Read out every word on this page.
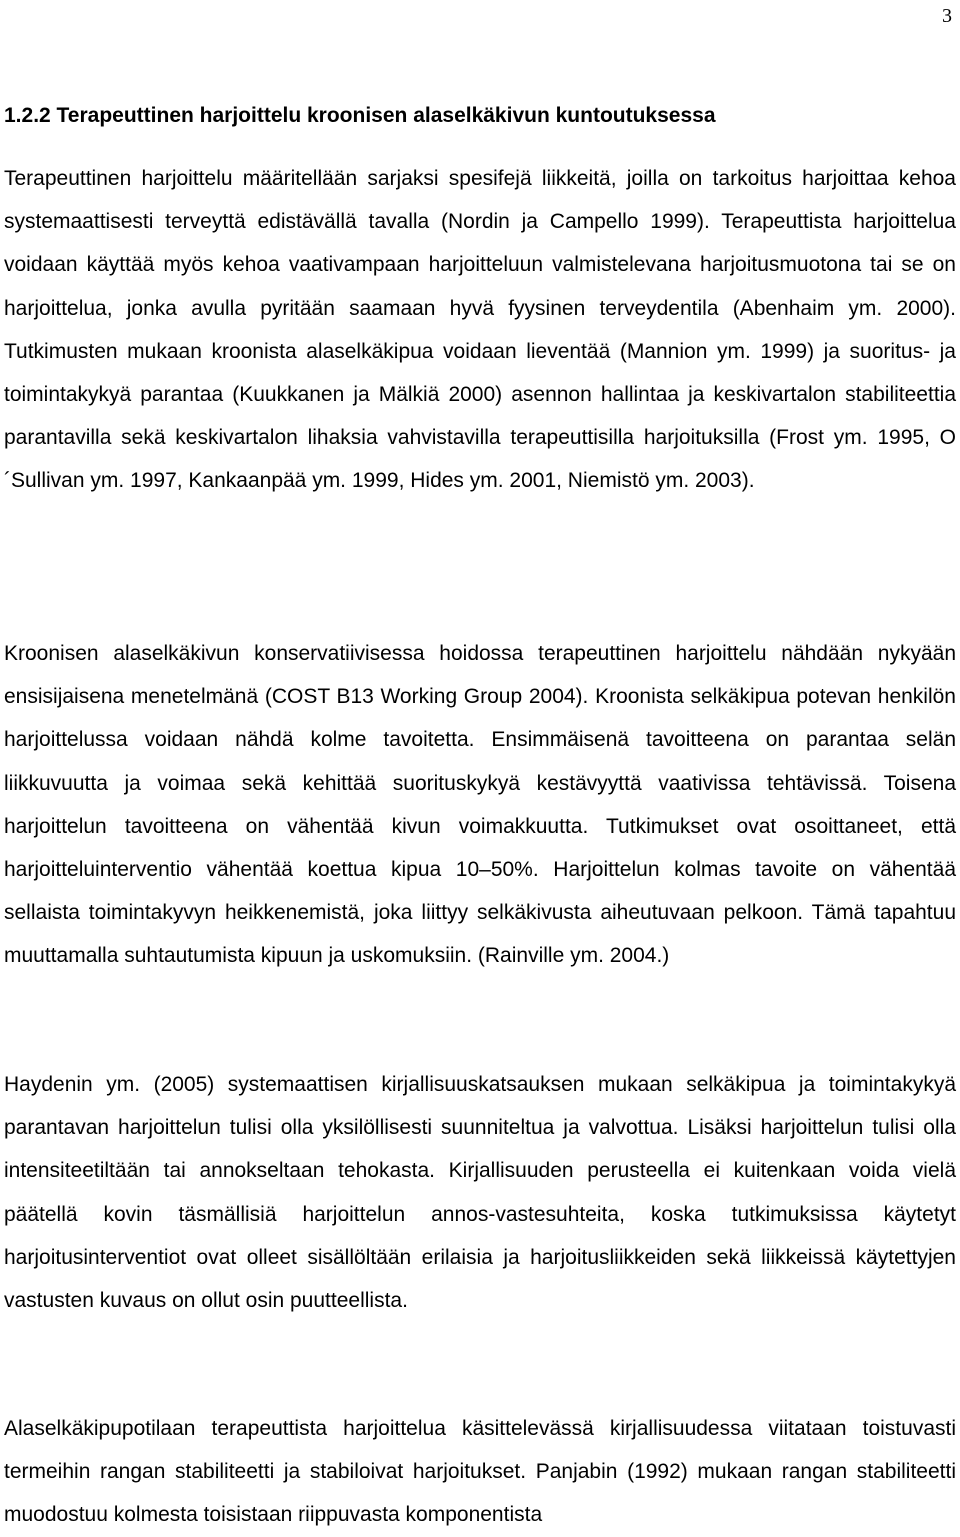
3
1.2.2 Terapeuttinen harjoittelu kroonisen alaselkäkivun kuntoutuksessa
Terapeuttinen harjoittelu määritellään sarjaksi spesifejä liikkeitä, joilla on tarkoitus harjoittaa kehoa systemaattisesti terveyttä edistävällä tavalla (Nordin ja Campello 1999). Terapeuttista harjoittelua voidaan käyttää myös kehoa vaativampaan harjoitteluun valmistelevana harjoitusmuotona tai se on harjoittelua, jonka avulla pyritään saamaan hyvä fyysinen terveydentila (Abenhaim ym. 2000). Tutkimusten mukaan kroonista alaselkäkipua voidaan lieventää (Mannion ym. 1999) ja suoritus- ja toimintakykyä parantaa (Kuukkanen ja Mälkiä 2000) asennon hallintaa ja keskivartalon stabiliteettia parantavilla sekä keskivartalon lihaksia vahvistavilla terapeuttisilla harjoituksilla (Frost ym. 1995, O´Sullivan ym. 1997, Kankaanpää ym. 1999, Hides ym. 2001, Niemistö ym. 2003).
Kroonisen alaselkäkivun konservatiivisessa hoidossa terapeuttinen harjoittelu nähdään nykyään ensisijaisena menetelmänä (COST B13 Working Group 2004). Kroonista selkäkipua potevan henkilön harjoittelussa voidaan nähdä kolme tavoitetta. Ensimmäisenä tavoitteena on parantaa selän liikkuvuutta ja voimaa sekä kehittää suorituskykyä kestävyyttä vaativissa tehtävissä. Toisena harjoittelun tavoitteena on vähentää kivun voimakkuutta. Tutkimukset ovat osoittaneet, että harjoitteluinterventio vähentää koettua kipua 10–50%. Harjoittelun kolmas tavoite on vähentää sellaista toimintakyvyn heikkenemistä, joka liittyy selkäkivusta aiheutuvaan pelkoon. Tämä tapahtuu muuttamalla suhtautumista kipuun ja uskomuksiin. (Rainville ym. 2004.)
Haydenin ym. (2005) systemaattisen kirjallisuuskatsauksen mukaan selkäkipua ja toimintakykyä parantavan harjoittelun tulisi olla yksilöllisesti suunniteltua ja valvottua. Lisäksi harjoittelun tulisi olla intensiteetiltään tai annokseltaan tehokasta. Kirjallisuuden perusteella ei kuitenkaan voida vielä päätellä kovin täsmällisiä harjoittelun annos-vastesuhteita, koska tutkimuksissa käytetyt harjoitusinterventiot ovat olleet sisällöltään erilaisia ja harjoitusliikkeiden sekä liikkeissä käytettyjen vastusten kuvaus on ollut osin puutteellista.
Alaselkäkipupotilaan terapeuttista harjoittelua käsittelevässä kirjallisuudessa viitataan toistuvasti termeihin rangan stabiliteetti ja stabiloivat harjoitukset. Panjabin (1992) mukaan rangan stabiliteetti muodostuu kolmesta toisistaan riippuvasta komponentista
